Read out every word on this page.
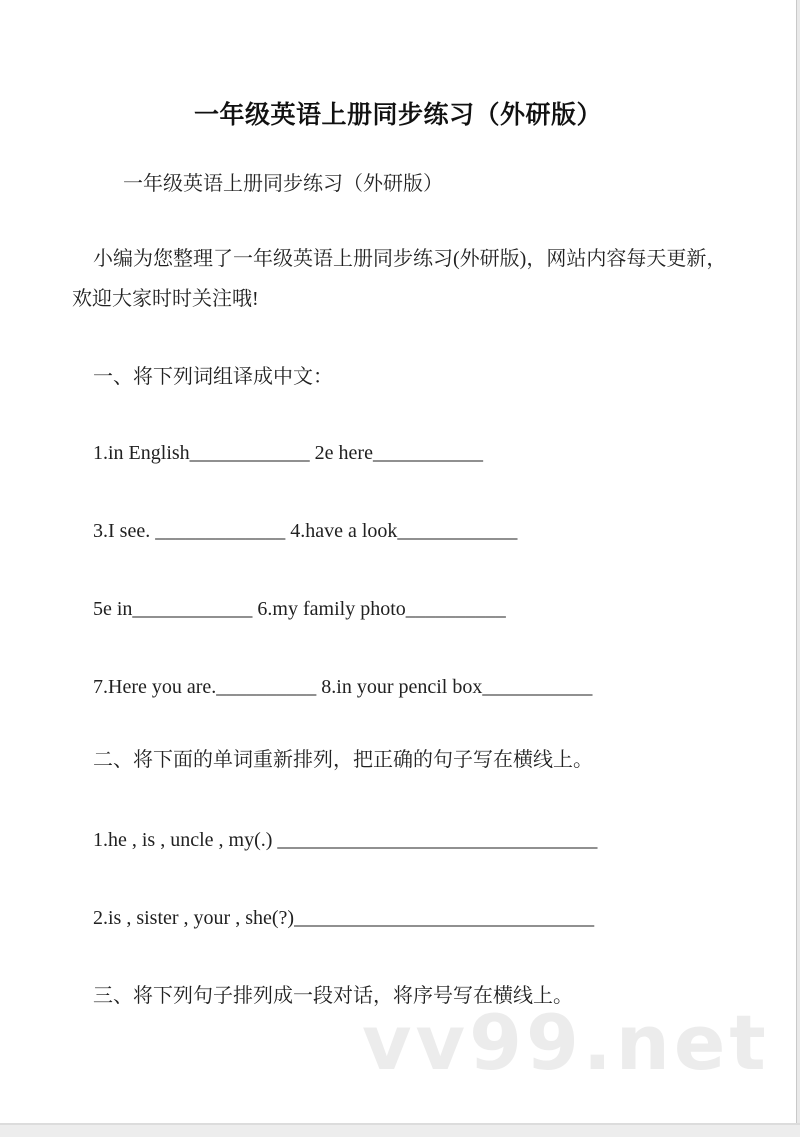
一年级英语上册同步练习（外研版）
一年级英语上册同步练习（外研版）
小编为您整理了一年级英语上册同步练习(外研版)，网站内容每天更新，
欢迎大家时时关注哦!
一、将下列词组译成中文：
1.in English____________ 2e here___________
3.I see. _____________ 4.have a look____________
5e in____________ 6.my family photo__________
7.Here you are.__________ 8.in your pencil box___________
二、将下面的单词重新排列，把正确的句子写在横线上。
1.he , is , uncle , my(.) ________________________________
2.is , sister , your , she(?)______________________________
三、将下列句子排列成一段对话，将序号写在横线上。
vv99.net
